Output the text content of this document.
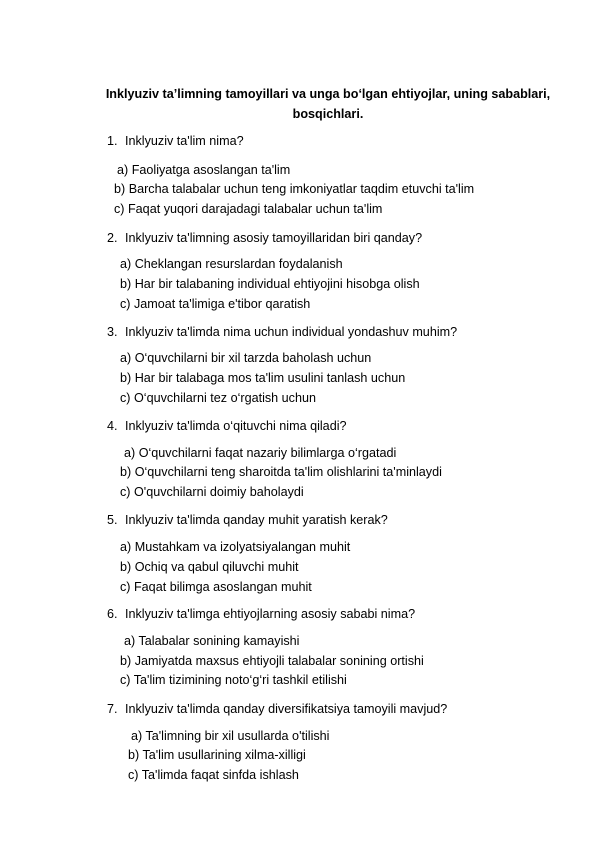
Inklyuziv ta’limning tamoyillari va unga bo‘lgan ehtiyojlar, uning sabablari, bosqichlari.
1. Inklyuziv ta'lim nima?
a) Faoliyatga asoslangan ta'lim
b) Barcha talabalar uchun teng imkoniyatlar taqdim etuvchi ta'lim
c) Faqat yuqori darajadagi talabalar uchun ta'lim
2. Inklyuziv ta'limning asosiy tamoyillaridan biri qanday?
a) Cheklangan resurslardan foydalanish
b) Har bir talabaning individual ehtiyojini hisobga olish
c) Jamoat ta'limiga e'tibor qaratish
3. Inklyuziv ta'limda nima uchun individual yondashuv muhim?
a) O‘quvchilarni bir xil tarzda baholash uchun
b) Har bir talabaga mos ta'lim usulini tanlash uchun
c) O‘quvchilarni tez o‘rgatish uchun
4. Inklyuziv ta'limda o‘qituvchi nima qiladi?
a) O‘quvchilarni faqat nazariy bilimlarga o‘rgatadi
b) O‘quvchilarni teng sharoitda ta'lim olishlarini ta'minlaydi
c) O'quvchilarni doimiy baholaydi
5. Inklyuziv ta'limda qanday muhit yaratish kerak?
a) Mustahkam va izolyatsiyalangan muhit
b) Ochiq va qabul qiluvchi muhit
c) Faqat bilimga asoslangan muhit
6. Inklyuziv ta'limga ehtiyojlarning asosiy sababi nima?
a) Talabalar sonining kamayishi
b) Jamiyatda maxsus ehtiyojli talabalar sonining ortishi
c) Ta'lim tizimining noto‘g‘ri tashkil etilishi
7. Inklyuziv ta'limda qanday diversifikatsiya tamoyili mavjud?
a) Ta'limning bir xil usullarda o'tilishi
b) Ta'lim usullarining xilma-xilligi
c) Ta'limda faqat sinfda ishlash
